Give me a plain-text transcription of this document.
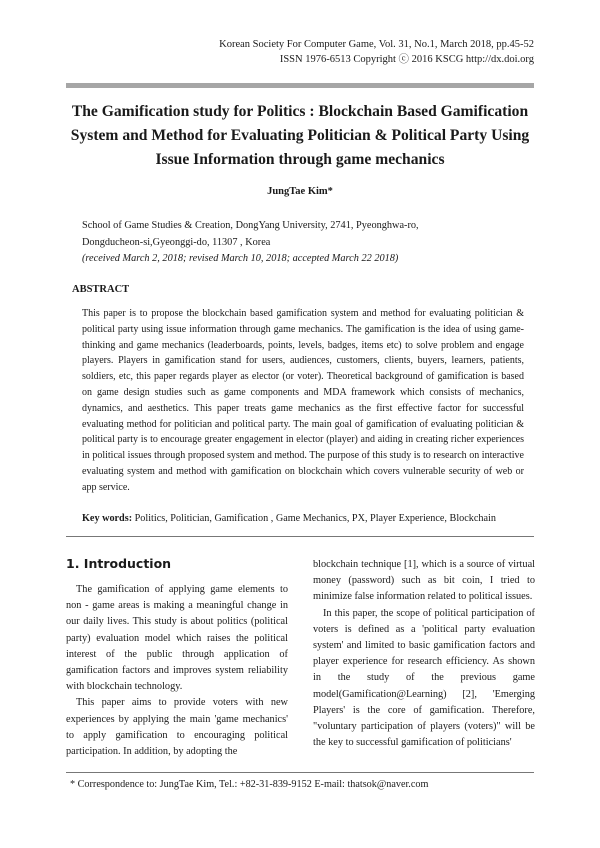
Korean Society For Computer Game, Vol. 31, No.1, March 2018, pp.45-52
ISSN 1976-6513 Copyright ⓒ 2016 KSCG http://dx.doi.org
The Gamification study for Politics : Blockchain Based Gamification System and Method for Evaluating Politician & Political Party Using Issue Information through game mechanics
JungTae Kim*
School of Game Studies & Creation, DongYang University, 2741, Pyeonghwa-ro,
Dongducheon-si,Gyeonggi-do, 11307 , Korea
(received March 2, 2018; revised March 10, 2018; accepted March 22 2018)
ABSTRACT
This paper is to propose the blockchain based gamification system and method for evaluating politician & political party using issue information through game mechanics. The gamification is the idea of using game-thinking and game mechanics (leaderboards, points, levels, badges, items etc) to solve problem and engage players. Players in gamification stand for users, audiences, customers, clients, buyers, learners, patients, soldiers, etc, this paper regards player as elector (or voter). Theoretical background of gamification is based on game design studies such as game components and MDA framework which consists of mechanics, dynamics, and aesthetics. This paper treats game mechanics as the first effective factor for successful evaluating method for politician and political party. The main goal of gamification of evaluating politician & political party is to encourage greater engagement in elector (player) and aiding in creating richer experiences in political issues through proposed system and method. The purpose of this study is to research on interactive evaluating system and method with gamification on blockchain which covers vulnerable security of web or app service.
Key words: Politics, Politician, Gamification , Game Mechanics, PX, Player Experience, Blockchain
1. Introduction

The gamification of applying game elements to non - game areas is making a meaningful change in our daily lives. This study is about politics (political party) evaluation model which raises the political interest of the public through application of gamification factors and improves system reliability with blockchain technology.

This paper aims to provide voters with new experiences by applying the main 'game mechanics' to apply gamification to encouraging political participation. In addition, by adopting the

blockchain technique [1], which is a source of virtual money (password) such as bit coin, I tried to minimize false information related to political issues.

In this paper, the scope of political participation of voters is defined as a 'political party evaluation system' and limited to basic gamification factors and player experience for research efficiency. As shown in the study of the previous game model(Gamification@Learning) [2], 'Emerging Players' is the core of gamification. Therefore, "voluntary participation of players (voters)" will be the key to successful gamification of politicians'

* Correspondence to: JungTae Kim, Tel.: +82-31-839-9152 E-mail: thatsok@naver.com
